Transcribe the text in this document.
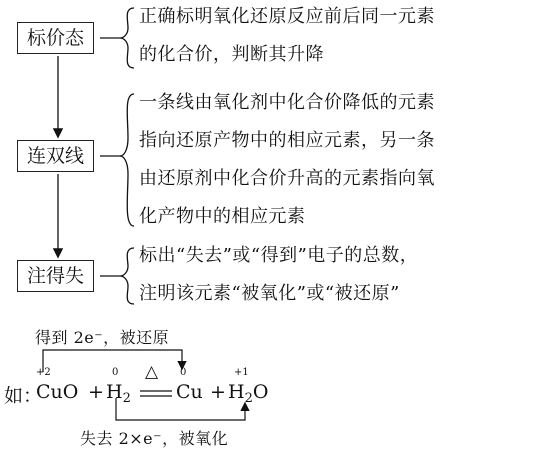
标价态
连双线
注得失
正确标明氧化还原反应前后同一元素
的化合价，判断其升降
一条线由氧化剂中化合价降低的元素
指向还原产物中的相应元素，另一条
由还原剂中化合价升高的元素指向氧
化产物中的相应元素
标出“失去”或“得到”电子的总数，
注明该元素“被氧化”或“被还原”
得到 2e⁻，被还原
失去 2×e⁻，被氧化
+2	0	0	+1
△
如：
CuO + $H_2$ $Cu + H_2O$
